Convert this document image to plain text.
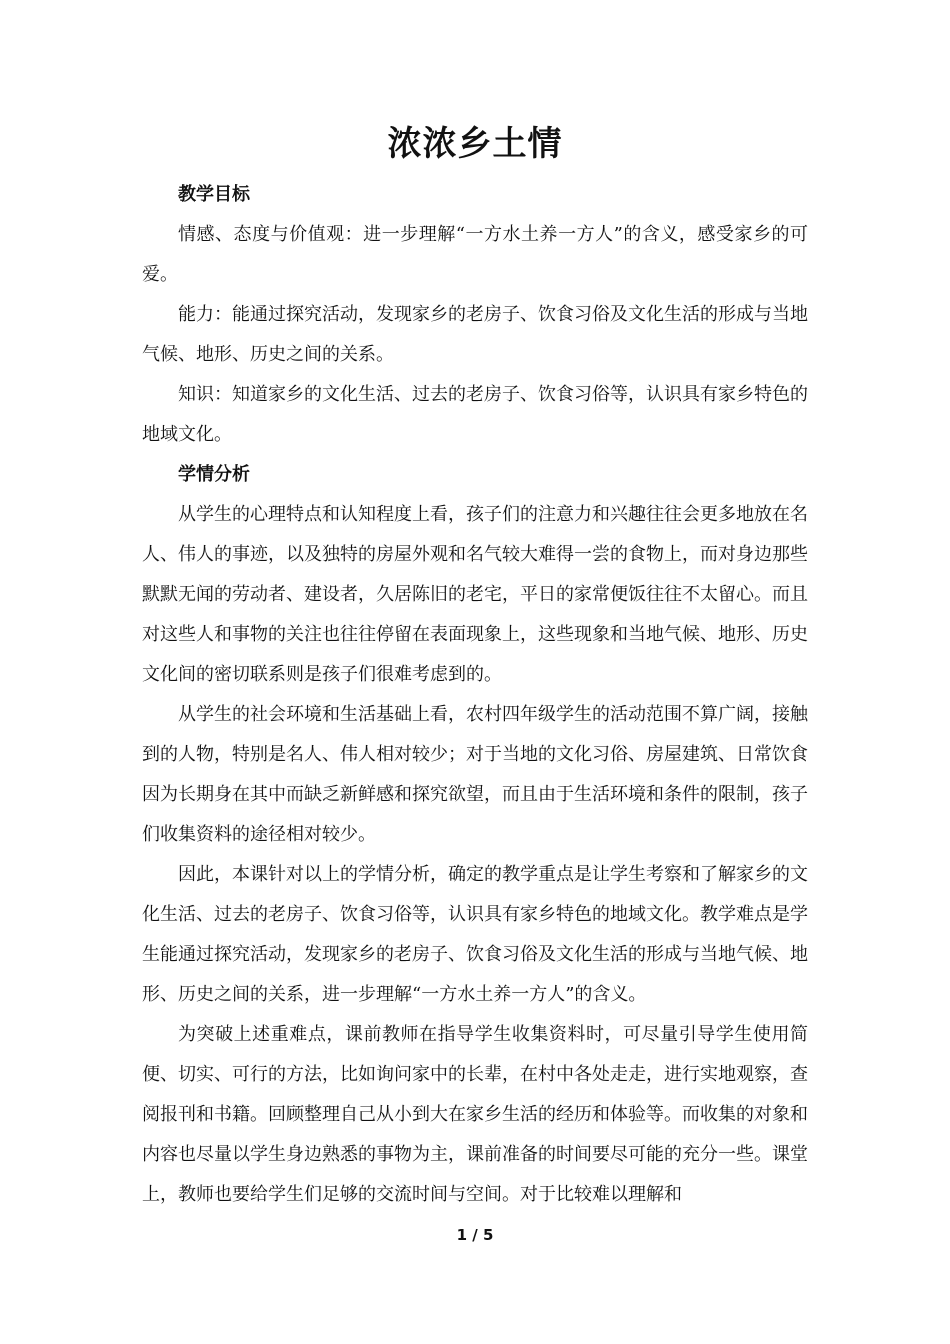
浓浓乡土情

教学目标

情感、态度与价值观：进一步理解“一方水土养一方人”的含义，感受家乡的可爱。

能力：能通过探究活动，发现家乡的老房子、饮食习俗及文化生活的形成与当地气候、地形、历史之间的关系。

知识：知道家乡的文化生活、过去的老房子、饮食习俗等，认识具有家乡特色的地域文化。

学情分析

从学生的心理特点和认知程度上看，孩子们的注意力和兴趣往往会更多地放在名人、伟人的事迹，以及独特的房屋外观和名气较大难得一尝的食物上，而对身边那些默默无闻的劳动者、建设者，久居陈旧的老宅，平日的家常便饭往往不太留心。而且对这些人和事物的关注也往往停留在表面现象上，这些现象和当地气候、地形、历史文化间的密切联系则是孩子们很难考虑到的。

从学生的社会环境和生活基础上看，农村四年级学生的活动范围不算广阔，接触到的人物，特别是名人、伟人相对较少；对于当地的文化习俗、房屋建筑、日常饮食因为长期身在其中而缺乏新鲜感和探究欲望，而且由于生活环境和条件的限制，孩子们收集资料的途径相对较少。

因此，本课针对以上的学情分析，确定的教学重点是让学生考察和了解家乡的文化生活、过去的老房子、饮食习俗等，认识具有家乡特色的地域文化。教学难点是学生能通过探究活动，发现家乡的老房子、饮食习俗及文化生活的形成与当地气候、地形、历史之间的关系，进一步理解“一方水土养一方人”的含义。

为突破上述重难点，课前教师在指导学生收集资料时，可尽量引导学生使用简便、切实、可行的方法，比如询问家中的长辈，在村中各处走走，进行实地观察，查阅报刊和书籍。回顾整理自己从小到大在家乡生活的经历和体验等。而收集的对象和内容也尽量以学生身边熟悉的事物为主，课前准备的时间要尽可能的充分一些。课堂上，教师也要给学生们足够的交流时间与空间。对于比较难以理解和

1 / 5
